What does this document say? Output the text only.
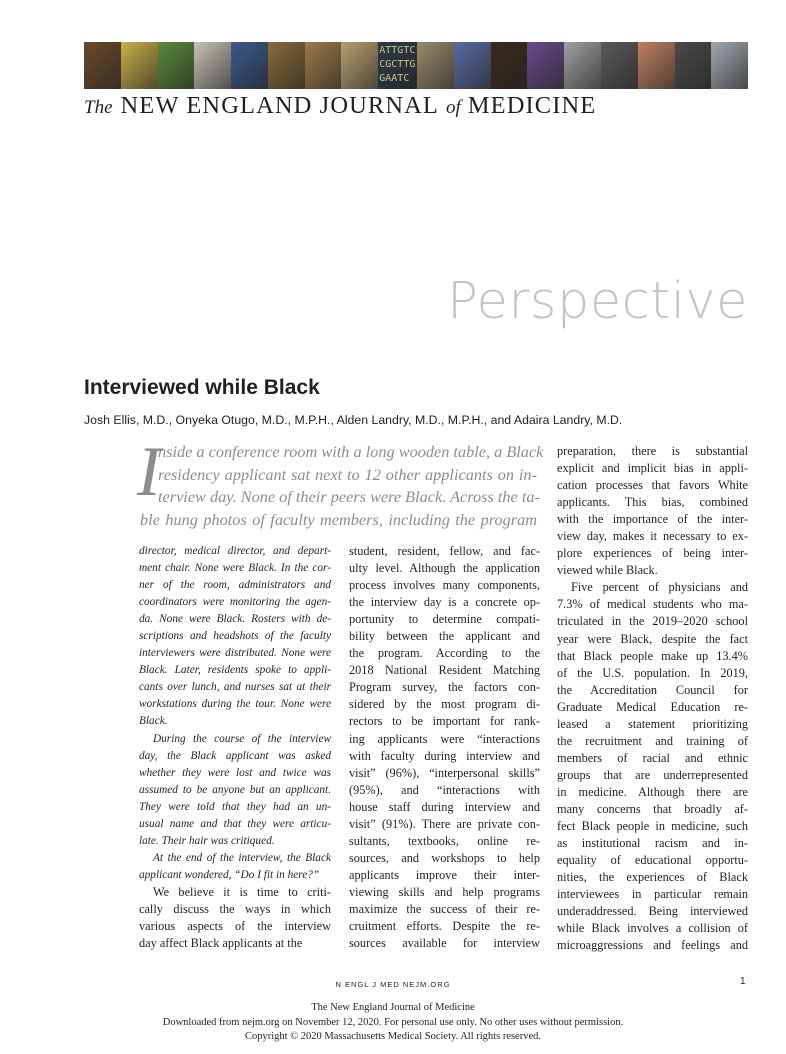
ATTGTC
CGCTTG
GAATC
The NEW ENGLAND JOURNAL of MEDICINE
Perspective
Interviewed while Black
Josh Ellis, M.D., Onyeka Otugo, M.D., M.P.H., Alden Landry, M.D., M.P.H., and Adaira Landry, M.D.
I
nside a conference room with a long wooden table, a Black
residency applicant sat next to 12 other applicants on in-
terview day. None of their peers were Black. Across the ta-
ble hung photos of faculty members, including the program
director, medical director, and depart-
ment chair. None were Black. In the cor-
ner of the room, administrators and
coordinators were monitoring the agen-
da. None were Black. Rosters with de-
scriptions and headshots of the faculty
interviewers were distributed. None were
Black. Later, residents spoke to appli-
cants over lunch, and nurses sat at their
workstations during the tour. None were
Black.
During the course of the interview
day, the Black applicant was asked
whether they were lost and twice was
assumed to be anyone but an applicant.
They were told that they had an un-
usual name and that they were articu-
late. Their hair was critiqued.
At the end of the interview, the Black
applicant wondered, “Do I fit in here?”
We believe it is time to criti-
cally discuss the ways in which
various aspects of the interview
day affect Black applicants at the
student, resident, fellow, and fac-
ulty level. Although the application
process involves many components,
the interview day is a concrete op-
portunity to determine compati-
bility between the applicant and
the program. According to the
2018 National Resident Matching
Program survey, the factors con-
sidered by the most program di-
rectors to be important for rank-
ing applicants were “interactions
with faculty during interview and
visit” (96%), “interpersonal skills”
(95%), and “interactions with
house staff during interview and
visit” (91%). There are private con-
sultants, textbooks, online re-
sources, and workshops to help
applicants improve their inter-
viewing skills and help programs
maximize the success of their re-
cruitment efforts. Despite the re-
sources available for interview
preparation, there is substantial
explicit and implicit bias in appli-
cation processes that favors White
applicants. This bias, combined
with the importance of the inter-
view day, makes it necessary to ex-
plore experiences of being inter-
viewed while Black.
Five percent of physicians and
7.3% of medical students who ma-
triculated in the 2019–2020 school
year were Black, despite the fact
that Black people make up 13.4%
of the U.S. population. In 2019,
the Accreditation Council for
Graduate Medical Education re-
leased a statement prioritizing
the recruitment and training of
members of racial and ethnic
groups that are underrepresented
in medicine. Although there are
many concerns that broadly af-
fect Black people in medicine, such
as institutional racism and in-
equality of educational opportu-
nities, the experiences of Black
interviewees in particular remain
underaddressed. Being interviewed
while Black involves a collision of
microaggressions and feelings and
N ENGL J MED NEJM.ORG	1
The New England Journal of Medicine
Downloaded from nejm.org on November 12, 2020. For personal use only. No other uses without permission.
Copyright © 2020 Massachusetts Medical Society. All rights reserved.
